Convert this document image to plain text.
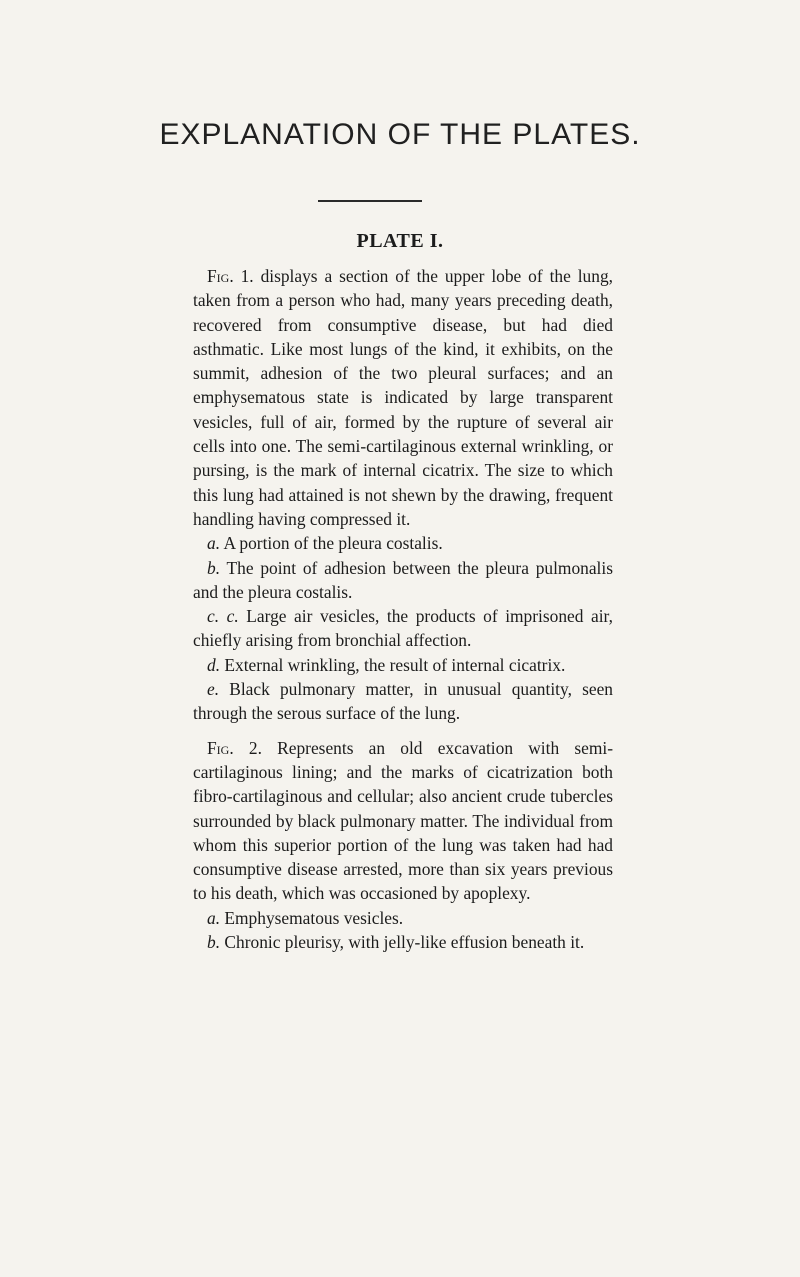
EXPLANATION OF THE PLATES.
PLATE I.

Fig. 1. displays a section of the upper lobe of the lung, taken from a person who had, many years preceding death, recovered from consumptive disease, but had died asthmatic. Like most lungs of the kind, it exhibits, on the summit, adhesion of the two pleural surfaces; and an emphysematous state is indicated by large transparent vesicles, full of air, formed by the rupture of several air cells into one. The semi-cartilaginous external wrinkling, or pursing, is the mark of internal cicatrix. The size to which this lung had attained is not shewn by the drawing, frequent handling having compressed it.

a. A portion of the pleura costalis.

b. The point of adhesion between the pleura pulmonalis and the pleura costalis.

c. c. Large air vesicles, the products of imprisoned air, chiefly arising from bronchial affection.

d. External wrinkling, the result of internal cicatrix.

e. Black pulmonary matter, in unusual quantity, seen through the serous surface of the lung.

Fig. 2. Represents an old excavation with semi-cartilaginous lining; and the marks of cicatrization both fibro-cartilaginous and cellular; also ancient crude tubercles surrounded by black pulmonary matter. The individual from whom this superior portion of the lung was taken had had consumptive disease arrested, more than six years previous to his death, which was occasioned by apoplexy.

a. Emphysematous vesicles.

b. Chronic pleurisy, with jelly-like effusion beneath it.
